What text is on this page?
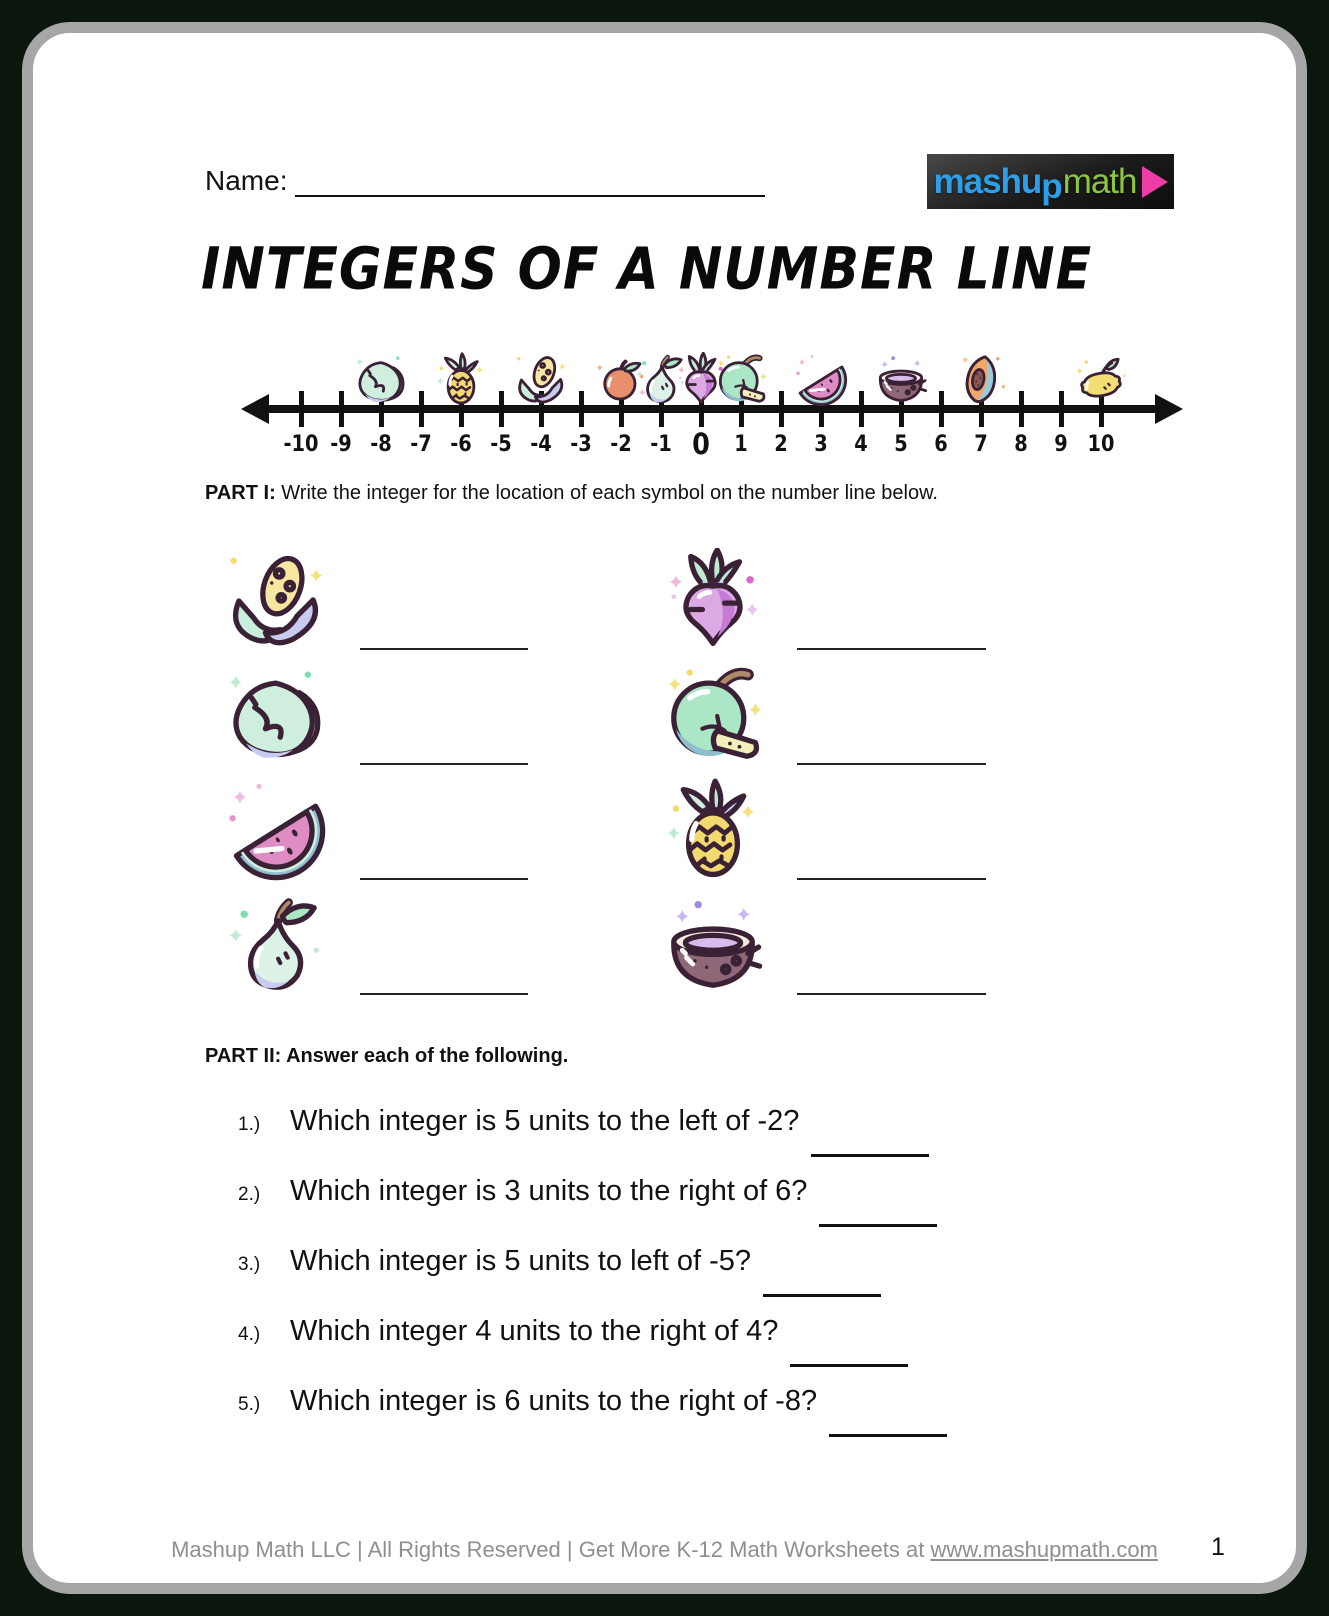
Name:	mashup math
INTEGERS OF A NUMBER LINE
-10 -9 -8 -7 -6 -5 -4 -3 -2 -1 0	1	2	3	4	5	6	7	8	9 10
PART I: Write the integer for the location of each symbol on the number line below.
PART II: Answer each of the following.
1.)	Which integer is 5 units to the left of -2?
2.)	Which integer is 3 units to the right of 6?
3.)	Which integer is 5 units to left of -5?
4.)	Which integer 4 units to the right of 4?
5.)	Which integer is 6 units to the right of -8?
Mashup Math LLC | All Rights Reserved | Get More K-12 Math Worksheets at www.mashupmath.com	1
